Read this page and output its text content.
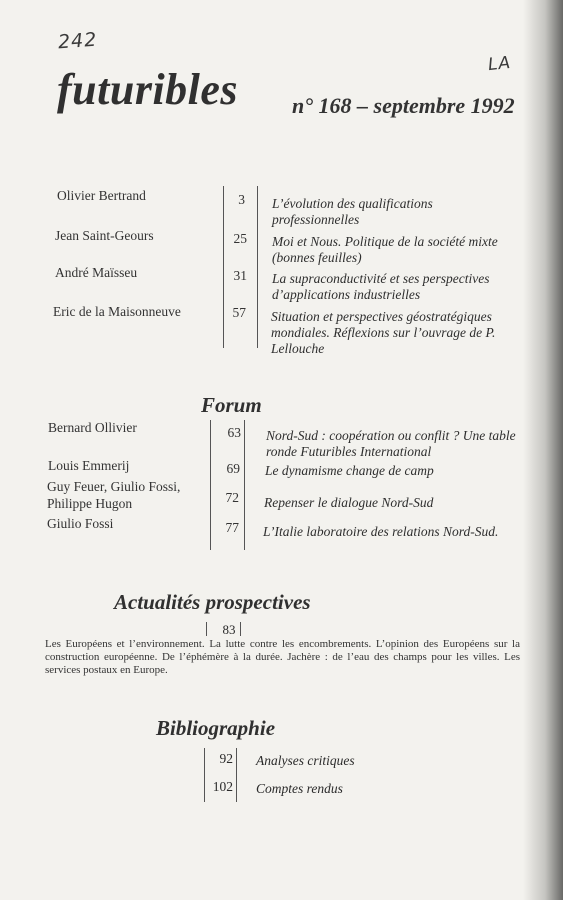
242
LA
futuribles n° 168 – septembre 1992
Olivier Bertrand	3 L’évolution des qualifications professionnelles
Jean Saint-Geours	25 Moi et Nous. Politique de la société mixte (bonnes feuilles)
André Maïsseu	31 La supraconductivité et ses perspectives d’applications industrielles
Eric de la Maisonneuve	57 Situation et perspectives géostratégiques mondiales. Réflexions sur l’ouvrage de P. Lellouche
Forum
Bernard Ollivier	63 Nord-Sud : coopération ou conflit ? Une table ronde Futuribles International
Louis Emmerij	69 Le dynamisme change de camp
Guy Feuer, Giulio Fossi, Philippe Hugon	72 Repenser le dialogue Nord-Sud
Giulio Fossi	77 L’Italie laboratoire des relations Nord-Sud.
Actualités prospectives
83
Les Européens et l’environnement. La lutte contre les encombrements. L’opinion des Européens sur la construction européenne. De l’éphémère à la durée. Jachère : de l’eau des champs pour les villes. Les services postaux en Europe.
Bibliographie
92 Analyses critiques
102 Comptes rendus
